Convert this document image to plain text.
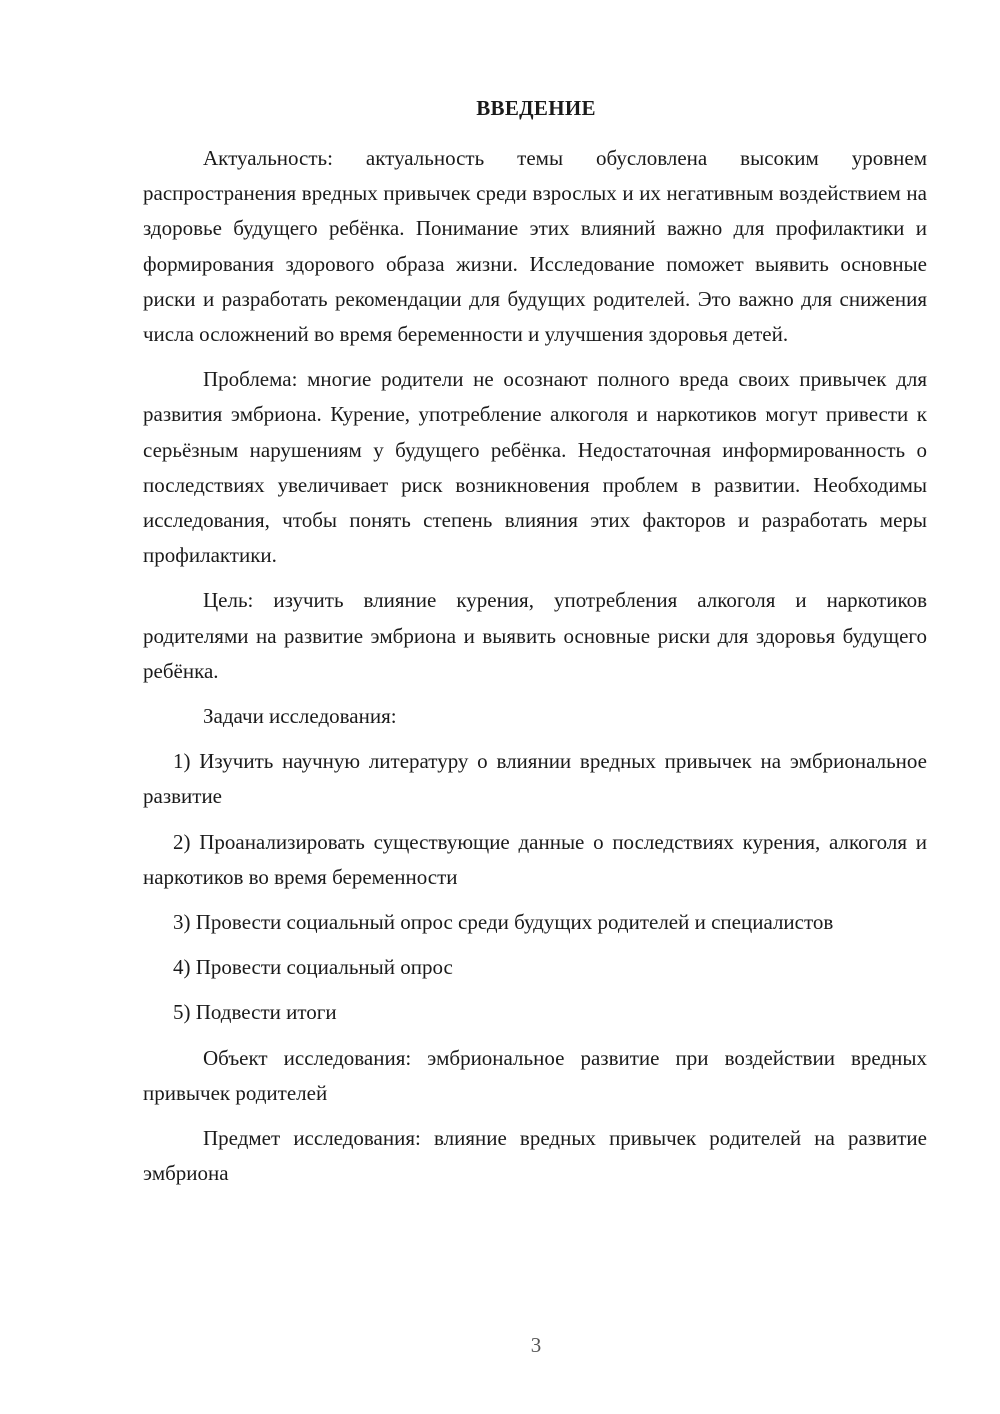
ВВЕДЕНИЕ

Актуальность: актуальность темы обусловлена высоким уровнем распространения вредных привычек среди взрослых и их негативным воздействием на здоровье будущего ребёнка. Понимание этих влияний важно для профилактики и формирования здорового образа жизни. Исследование поможет выявить основные риски и разработать рекомендации для будущих родителей. Это важно для снижения числа осложнений во время беременности и улучшения здоровья детей.

Проблема: многие родители не осознают полного вреда своих привычек для развития эмбриона. Курение, употребление алкоголя и наркотиков могут привести к серьёзным нарушениям у будущего ребёнка. Недостаточная информированность о последствиях увеличивает риск возникновения проблем в развитии. Необходимы исследования, чтобы понять степень влияния этих факторов и разработать меры профилактики.

Цель: изучить влияние курения, употребления алкоголя и наркотиков родителями на развитие эмбриона и выявить основные риски для здоровья будущего ребёнка.

Задачи исследования:

1) Изучить научную литературу о влиянии вредных привычек на эмбриональное развитие

2) Проанализировать существующие данные о последствиях курения, алкоголя и наркотиков во время беременности

3) Провести социальный опрос среди будущих родителей и специалистов

4) Провести социальный опрос

5) Подвести итоги

Объект исследования: эмбриональное развитие при воздействии вредных привычек родителей

Предмет исследования: влияние вредных привычек родителей на развитие эмбриона

3
